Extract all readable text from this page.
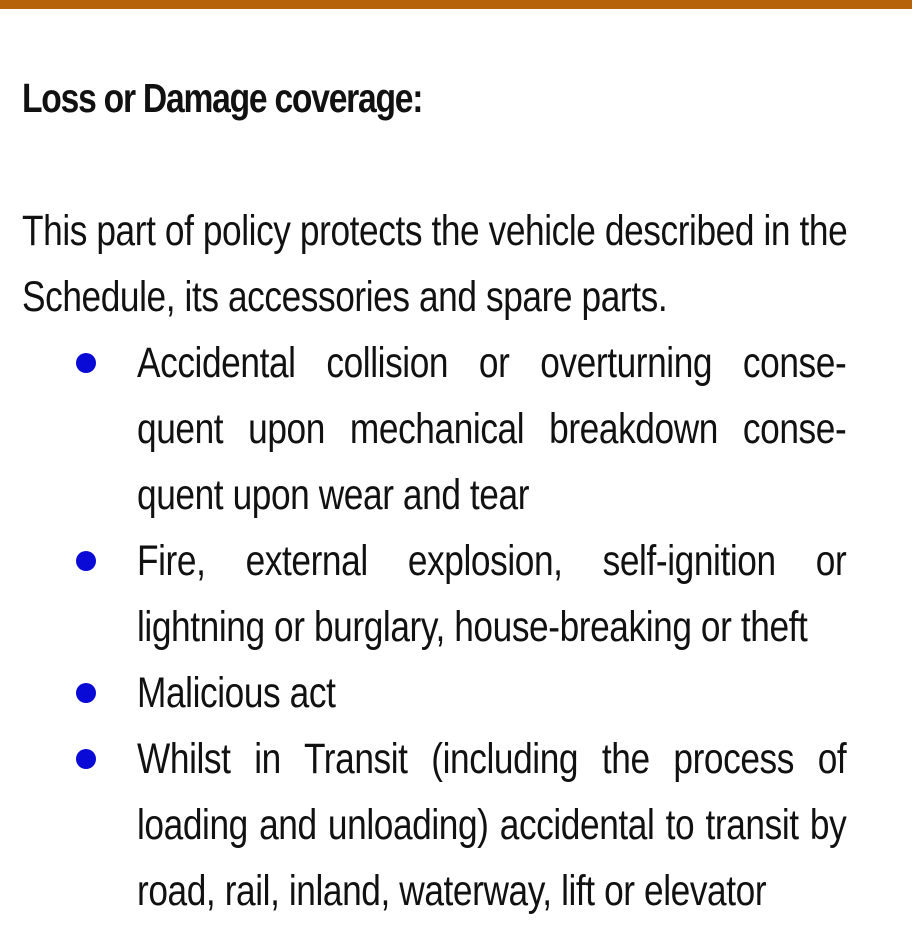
Loss or Damage coverage:

This part of policy protects the vehicle described in the Schedule, its accessories and spare parts.

Accidental collision or overturning conse-quent upon mechanical breakdown conse-quent upon wear and tear
Fire, external explosion, self-ignition or lightning or burglary, house-breaking or theft
Malicious act
Whilst in Transit (including the process of loading and unloading) accidental to transit by road, rail, inland, waterway, lift or elevator
